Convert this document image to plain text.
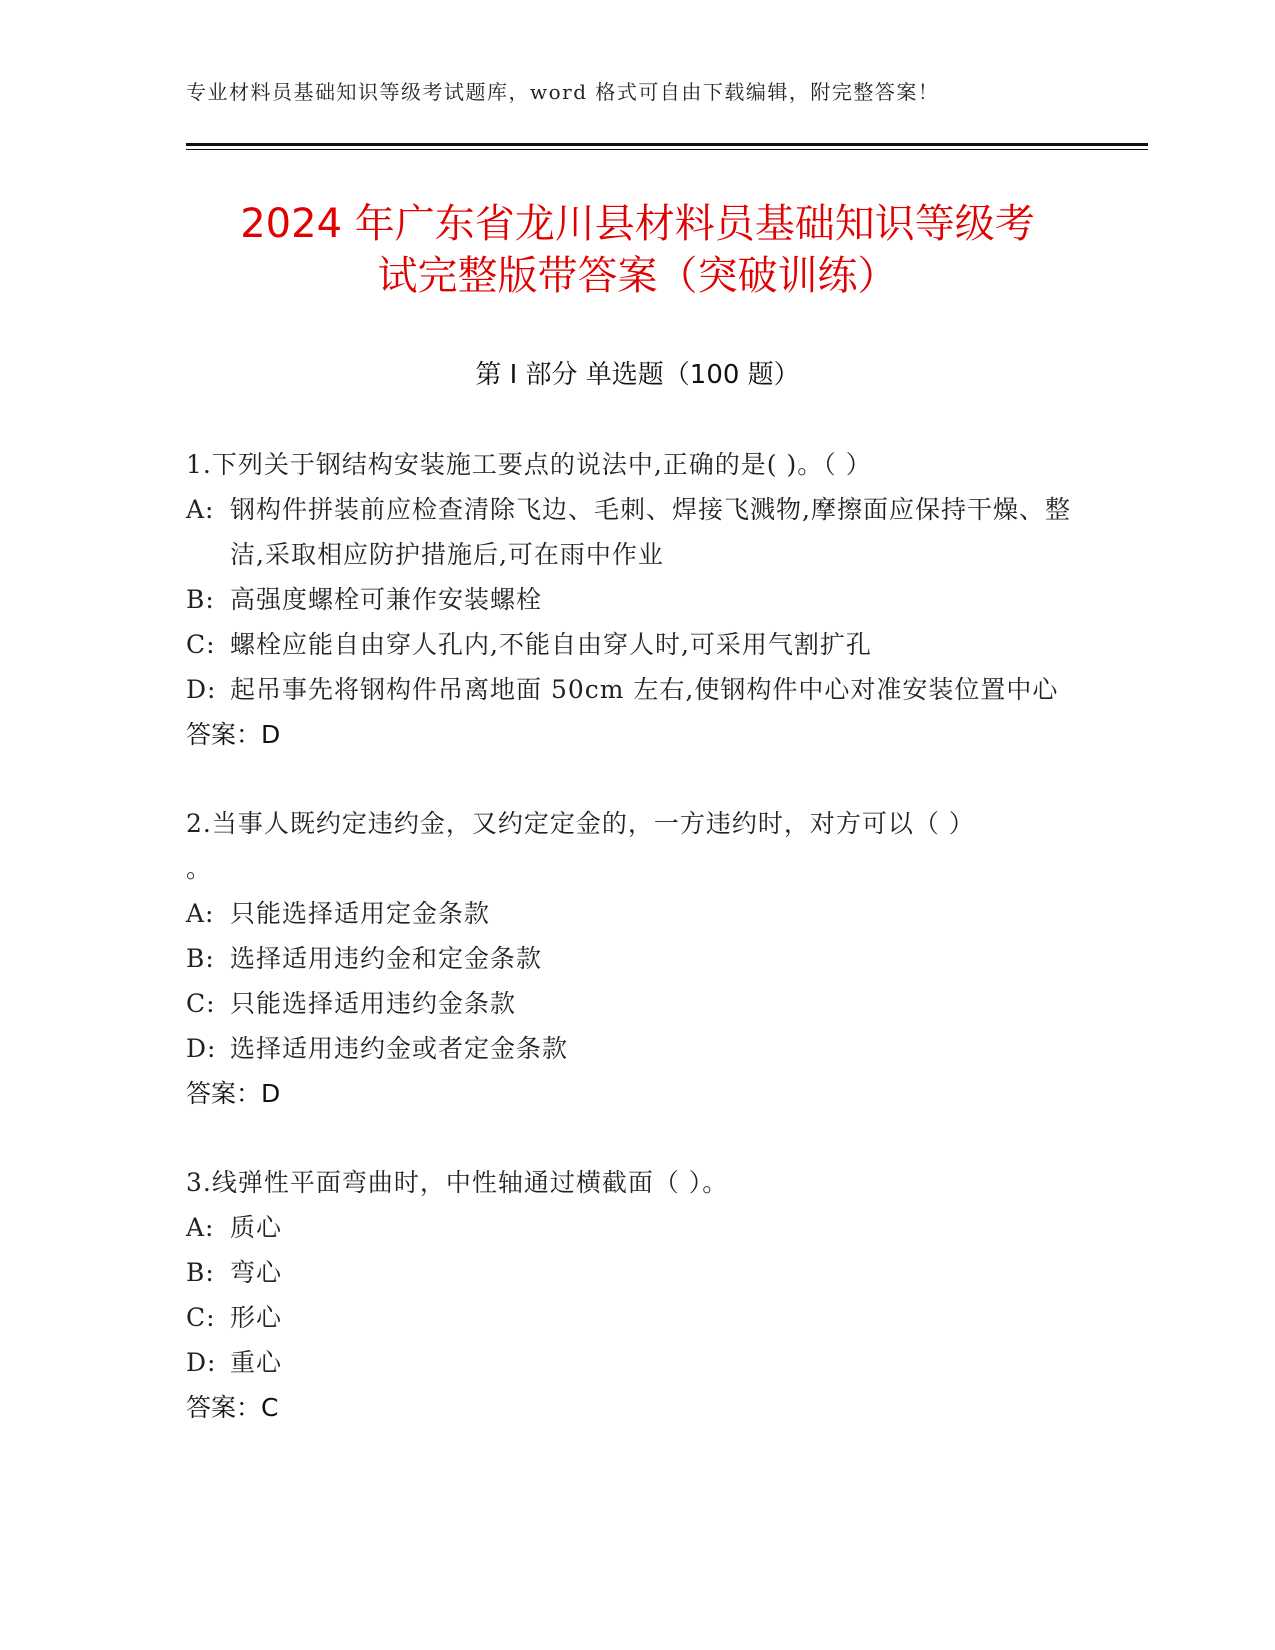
专业材料员基础知识等级考试题库，word 格式可自由下载编辑，附完整答案！
2024 年广东省龙川县材料员基础知识等级考
试完整版带答案（突破训练）
第 I 部分 单选题（100 题）
1.下列关于钢结构安装施工要点的说法中,正确的是( )。（ ）
A: 钢构件拼装前应检查清除飞边、毛刺、焊接飞溅物,摩擦面应保持干燥、整洁,采取相应防护措施后,可在雨中作业
B: 高强度螺栓可兼作安装螺栓
C: 螺栓应能自由穿人孔内,不能自由穿人时,可采用气割扩孔
D: 起吊事先将钢构件吊离地面 50cm 左右,使钢构件中心对准安装位置中心
答案：D
2.当事人既约定违约金，又约定定金的，一方违约时，对方可以（ ）
。
A: 只能选择适用定金条款
B: 选择适用违约金和定金条款
C: 只能选择适用违约金条款
D: 选择适用违约金或者定金条款
答案：D
3.线弹性平面弯曲时，中性轴通过横截面（ ）。
A: 质心
B: 弯心
C: 形心
D: 重心
答案：C
